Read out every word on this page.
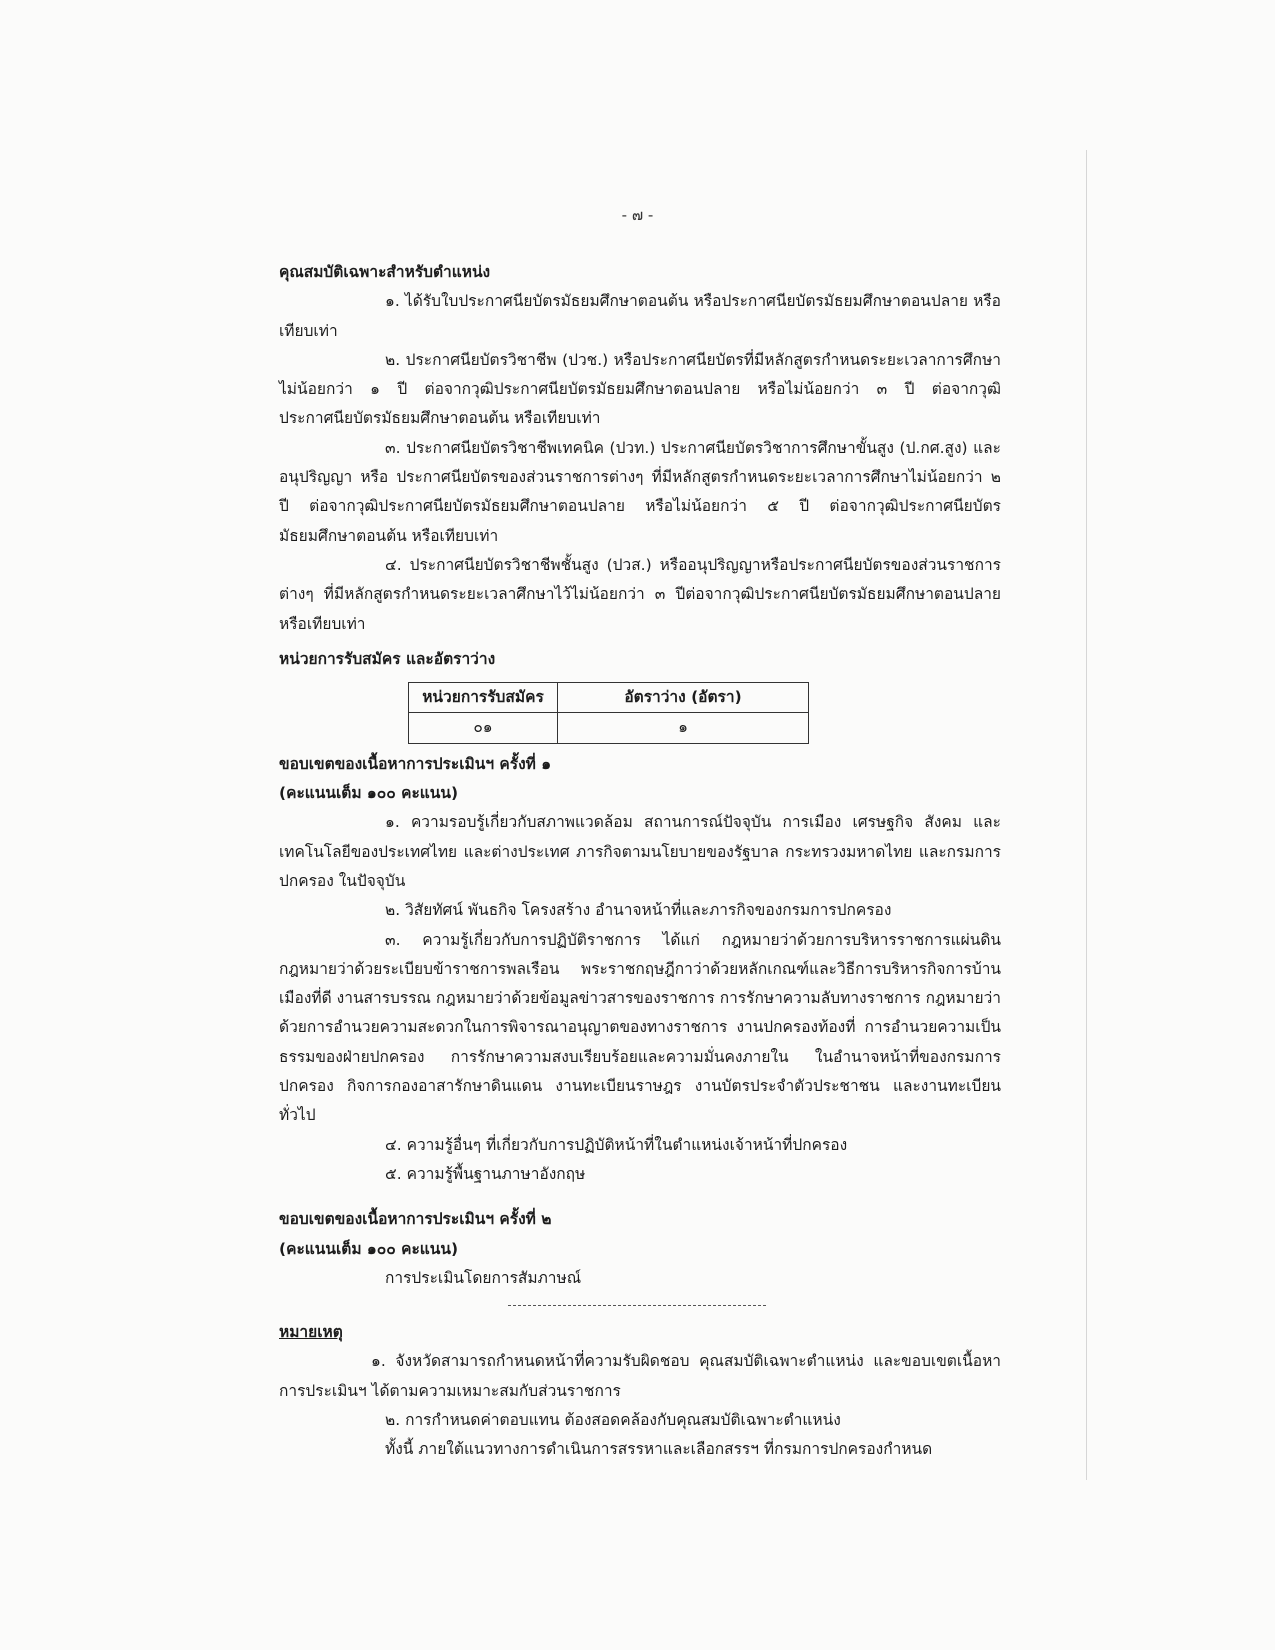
- ๗ -

คุณสมบัติเฉพาะสำหรับตำแหน่ง

๑. ได้รับใบประกาศนียบัตรมัธยมศึกษาตอนต้น หรือประกาศนียบัตรมัธยมศึกษาตอนปลาย หรือเทียบเท่า

๒. ประกาศนียบัตรวิชาชีพ (ปวช.) หรือประกาศนียบัตรที่มีหลักสูตรกำหนดระยะเวลาการศึกษาไม่น้อยกว่า ๑ ปี ต่อจากวุฒิประกาศนียบัตรมัธยมศึกษาตอนปลาย หรือไม่น้อยกว่า ๓ ปี ต่อจากวุฒิประกาศนียบัตรมัธยมศึกษาตอนต้น หรือเทียบเท่า

๓. ประกาศนียบัตรวิชาชีพเทคนิค (ปวท.) ประกาศนียบัตรวิชาการศึกษาขั้นสูง (ป.กศ.สูง) และอนุปริญญา หรือ ประกาศนียบัตรของส่วนราชการต่างๆ ที่มีหลักสูตรกำหนดระยะเวลาการศึกษาไม่น้อยกว่า ๒ ปี ต่อจากวุฒิประกาศนียบัตรมัธยมศึกษาตอนปลาย หรือไม่น้อยกว่า ๕ ปี ต่อจากวุฒิประกาศนียบัตรมัธยมศึกษาตอนต้น หรือเทียบเท่า

๔. ประกาศนียบัตรวิชาชีพชั้นสูง (ปวส.) หรืออนุปริญญาหรือประกาศนียบัตรของส่วนราชการต่างๆ ที่มีหลักสูตรกำหนดระยะเวลาศึกษาไว้ไม่น้อยกว่า ๓ ปีต่อจากวุฒิประกาศนียบัตรมัธยมศึกษาตอนปลาย หรือเทียบเท่า

หน่วยการรับสมัคร และอัตราว่าง

หน่วยการรับสมัคร	อัตราว่าง (อัตรา)
๐๑	๑

ขอบเขตของเนื้อหาการประเมินฯ ครั้งที่ ๑

(คะแนนเต็ม ๑๐๐ คะแนน)

๑. ความรอบรู้เกี่ยวกับสภาพแวดล้อม สถานการณ์ปัจจุบัน การเมือง เศรษฐกิจ สังคม และเทคโนโลยีของประเทศไทย และต่างประเทศ ภารกิจตามนโยบายของรัฐบาล กระทรวงมหาดไทย และกรมการปกครอง ในปัจจุบัน

๒. วิสัยทัศน์ พันธกิจ โครงสร้าง อำนาจหน้าที่และภารกิจของกรมการปกครอง

๓. ความรู้เกี่ยวกับการปฏิบัติราชการ ได้แก่ กฎหมายว่าด้วยการบริหารราชการแผ่นดิน กฎหมายว่าด้วยระเบียบข้าราชการพลเรือน พระราชกฤษฎีกาว่าด้วยหลักเกณฑ์และวิธีการบริหารกิจการบ้านเมืองที่ดี งานสารบรรณ กฎหมายว่าด้วยข้อมูลข่าวสารของราชการ การรักษาความลับทางราชการ กฎหมายว่าด้วยการอำนวยความสะดวกในการพิจารณาอนุญาตของทางราชการ งานปกครองท้องที่ การอำนวยความเป็นธรรมของฝ่ายปกครอง การรักษาความสงบเรียบร้อยและความมั่นคงภายใน ในอำนาจหน้าที่ของกรมการปกครอง กิจการกองอาสารักษาดินแดน งานทะเบียนราษฎร งานบัตรประจำตัวประชาชน และงานทะเบียนทั่วไป

๔. ความรู้อื่นๆ ที่เกี่ยวกับการปฏิบัติหน้าที่ในตำแหน่งเจ้าหน้าที่ปกครอง

๕. ความรู้พื้นฐานภาษาอังกฤษ

ขอบเขตของเนื้อหาการประเมินฯ ครั้งที่ ๒

(คะแนนเต็ม ๑๐๐ คะแนน)

การประเมินโดยการสัมภาษณ์

หมายเหตุ

๑. จังหวัดสามารถกำหนดหน้าที่ความรับผิดชอบ คุณสมบัติเฉพาะตำแหน่ง และขอบเขตเนื้อหาการประเมินฯ ได้ตามความเหมาะสมกับส่วนราชการ

๒. การกำหนดค่าตอบแทน ต้องสอดคล้องกับคุณสมบัติเฉพาะตำแหน่ง

ทั้งนี้ ภายใต้แนวทางการดำเนินการสรรหาและเลือกสรรฯ ที่กรมการปกครองกำหนด
